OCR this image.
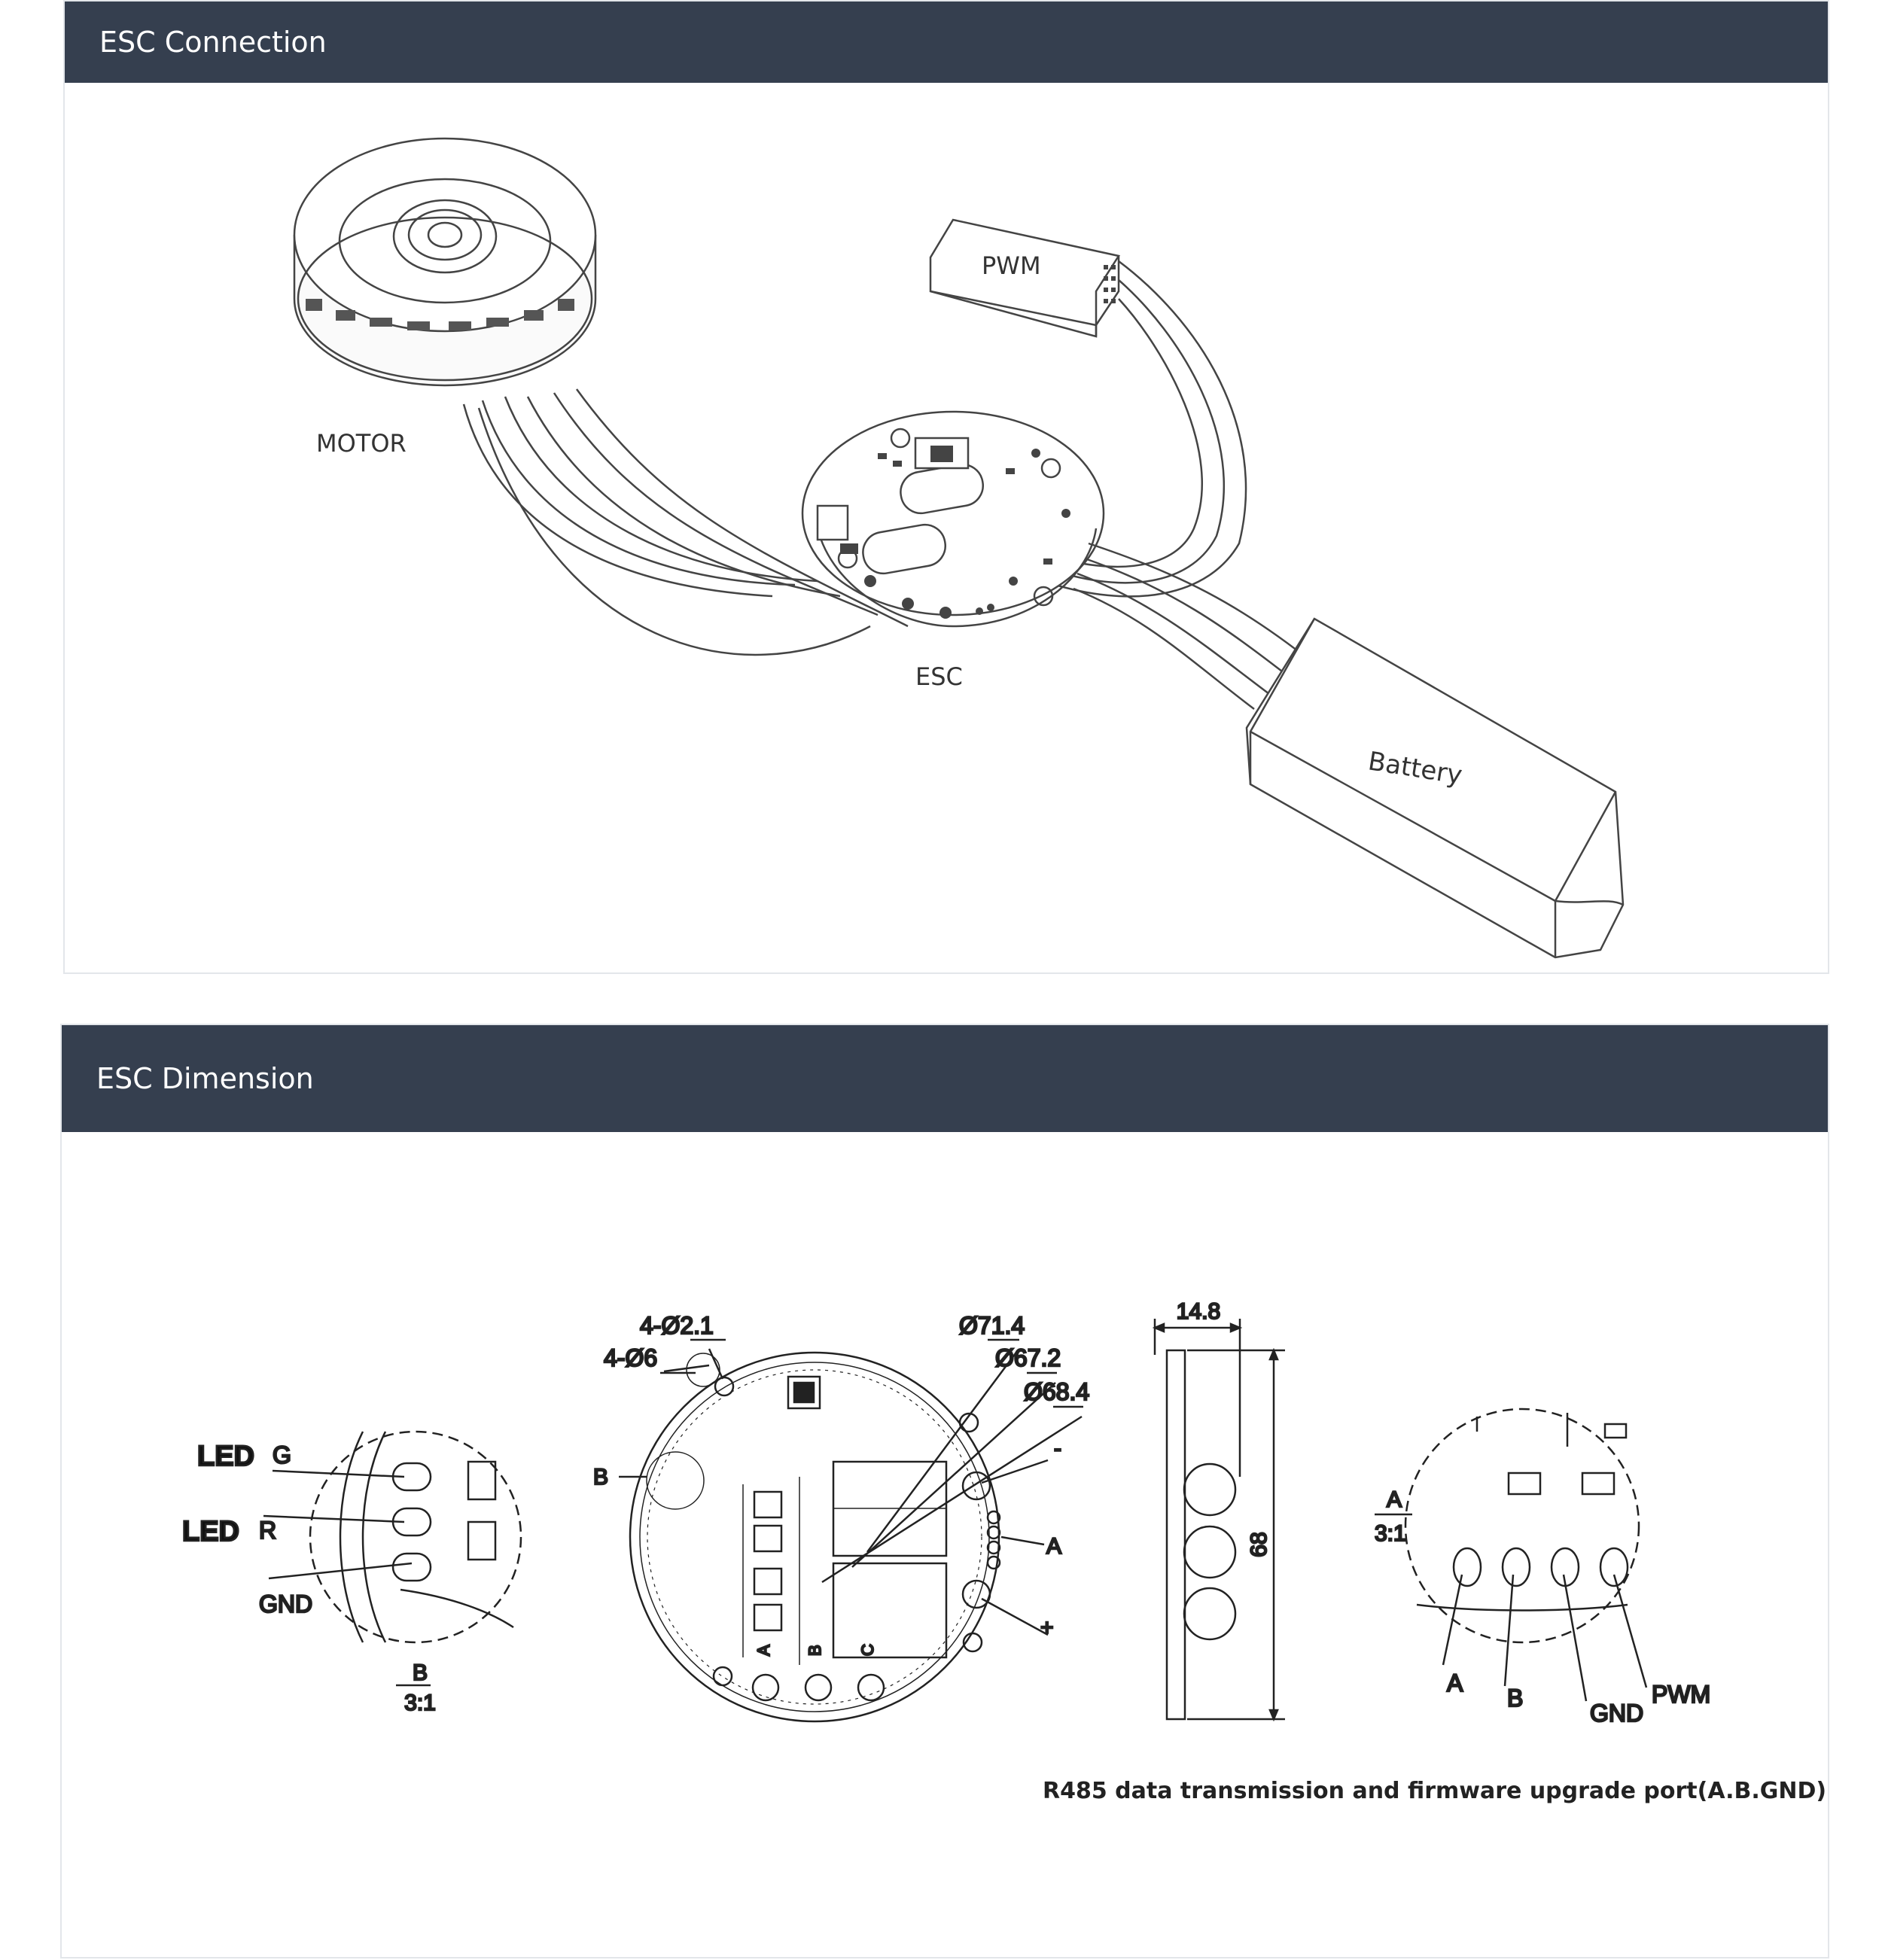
ESC Connection
MOTOR
PWM
ESC
Battery
ESC Dimension
LED G
LED R
GND
B
3:1
4-Ø2.1
4-Ø6
Ø71.4
Ø67.2
Ø68.4
B
A
-
+
A B C
14.8
68
A
3:1
A
B
GND
PWM
R485 data transmission and firmware upgrade port(A.B.GND)
